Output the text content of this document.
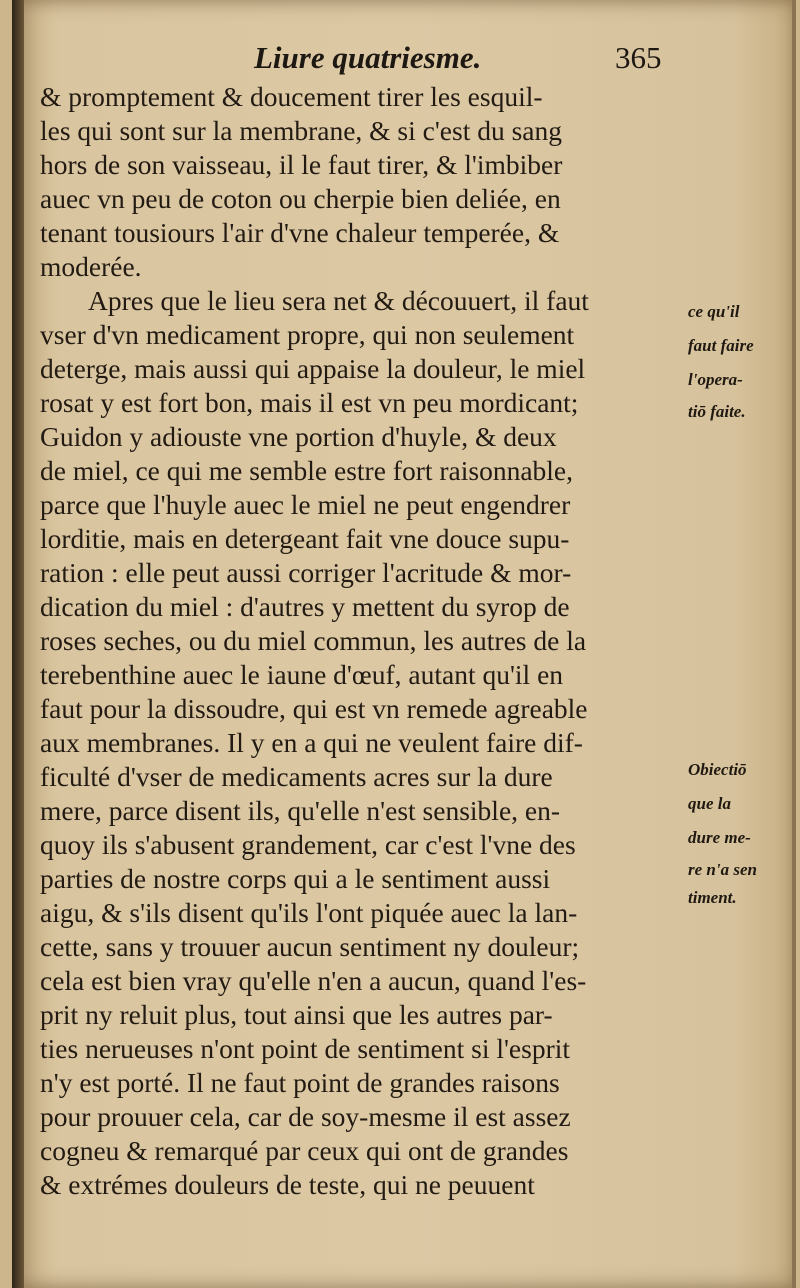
Liure quatriesme.	365
& promptement & doucement tirer les esquil-
les qui sont sur la membrane, & si c'est du sang
hors de son vaisseau, il le faut tirer, & l'imbiber
auec vn peu de coton ou cherpie bien deliée, en
tenant tousiours l'air d'vne chaleur temperée, &
moderée.
Apres que le lieu sera net & découuert, il faut
vser d'vn medicament propre, qui non seulement
deterge, mais aussi qui appaise la douleur, le miel
rosat y est fort bon, mais il est vn peu mordicant;
Guidon y adiouste vne portion d'huyle, & deux
de miel, ce qui me semble estre fort raisonnable,
parce que l'huyle auec le miel ne peut engendrer
lorditie, mais en detergeant fait vne douce supu-
ration : elle peut aussi corriger l'acritude & mor-
dication du miel : d'autres y mettent du syrop de
roses seches, ou du miel commun, les autres de la
terebenthine auec le iaune d'œuf, autant qu'il en
faut pour la dissoudre, qui est vn remede agreable
aux membranes. Il y en a qui ne veulent faire dif-
ficulté d'vser de medicaments acres sur la dure
mere, parce disent ils, qu'elle n'est sensible, en-
quoy ils s'abusent grandement, car c'est l'vne des
parties de nostre corps qui a le sentiment aussi
aigu, & s'ils disent qu'ils l'ont piquée auec la lan-
cette, sans y trouuer aucun sentiment ny douleur;
cela est bien vray qu'elle n'en a aucun, quand l'es-
prit ny reluit plus, tout ainsi que les autres par-
ties nerueuses n'ont point de sentiment si l'esprit
n'y est porté. Il ne faut point de grandes raisons
pour prouuer cela, car de soy-mesme il est assez
cogneu & remarqué par ceux qui ont de grandes
& extrémes douleurs de teste, qui ne peuuent
ce qu'il
faut faire
l'opera-
tiō faite.
Obiectiō
que la
dure me-
re n'a sen
timent.
